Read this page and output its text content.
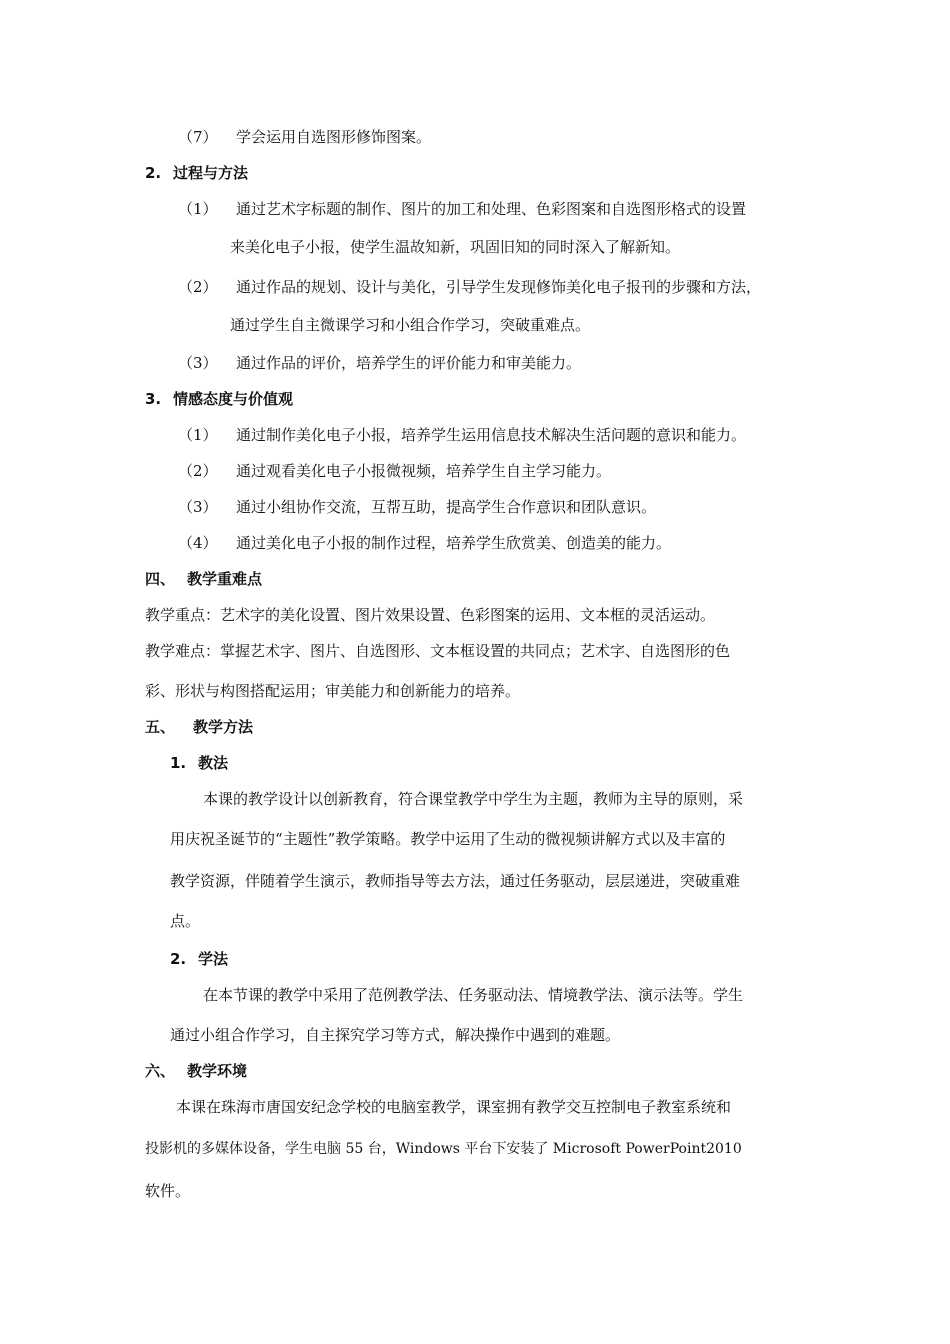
（7） 学会运用自选图形修饰图案。
2. 过程与方法
（1） 通过艺术字标题的制作、图片的加工和处理、色彩图案和自选图形格式的设置
来美化电子小报，使学生温故知新，巩固旧知的同时深入了解新知。
（2） 通过作品的规划、设计与美化，引导学生发现修饰美化电子报刊的步骤和方法，
通过学生自主微课学习和小组合作学习，突破重难点。
（3） 通过作品的评价，培养学生的评价能力和审美能力。
3. 情感态度与价值观
（1） 通过制作美化电子小报，培养学生运用信息技术解决生活问题的意识和能力。
（2） 通过观看美化电子小报微视频，培养学生自主学习能力。
（3） 通过小组协作交流，互帮互助，提高学生合作意识和团队意识。
（4） 通过美化电子小报的制作过程，培养学生欣赏美、创造美的能力。
四、 教学重难点
教学重点：艺术字的美化设置、图片效果设置、色彩图案的运用、文本框的灵活运动。
教学难点：掌握艺术字、图片、自选图形、文本框设置的共同点；艺术字、自选图形的色
彩、形状与构图搭配运用；审美能力和创新能力的培养。
五、 教学方法
1. 教法
本课的教学设计以创新教育，符合课堂教学中学生为主题，教师为主导的原则，采
用庆祝圣诞节的“主题性”教学策略。教学中运用了生动的微视频讲解方式以及丰富的
教学资源，伴随着学生演示，教师指导等去方法，通过任务驱动，层层递进，突破重难
点。
2. 学法
在本节课的教学中采用了范例教学法、任务驱动法、情境教学法、演示法等。学生
通过小组合作学习，自主探究学习等方式，解决操作中遇到的难题。
六、 教学环境
本课在珠海市唐国安纪念学校的电脑室教学，课室拥有教学交互控制电子教室系统和
投影机的多媒体设备，学生电脑 55 台，Windows 平台下安装了 Microsoft PowerPoint2010
软件。
